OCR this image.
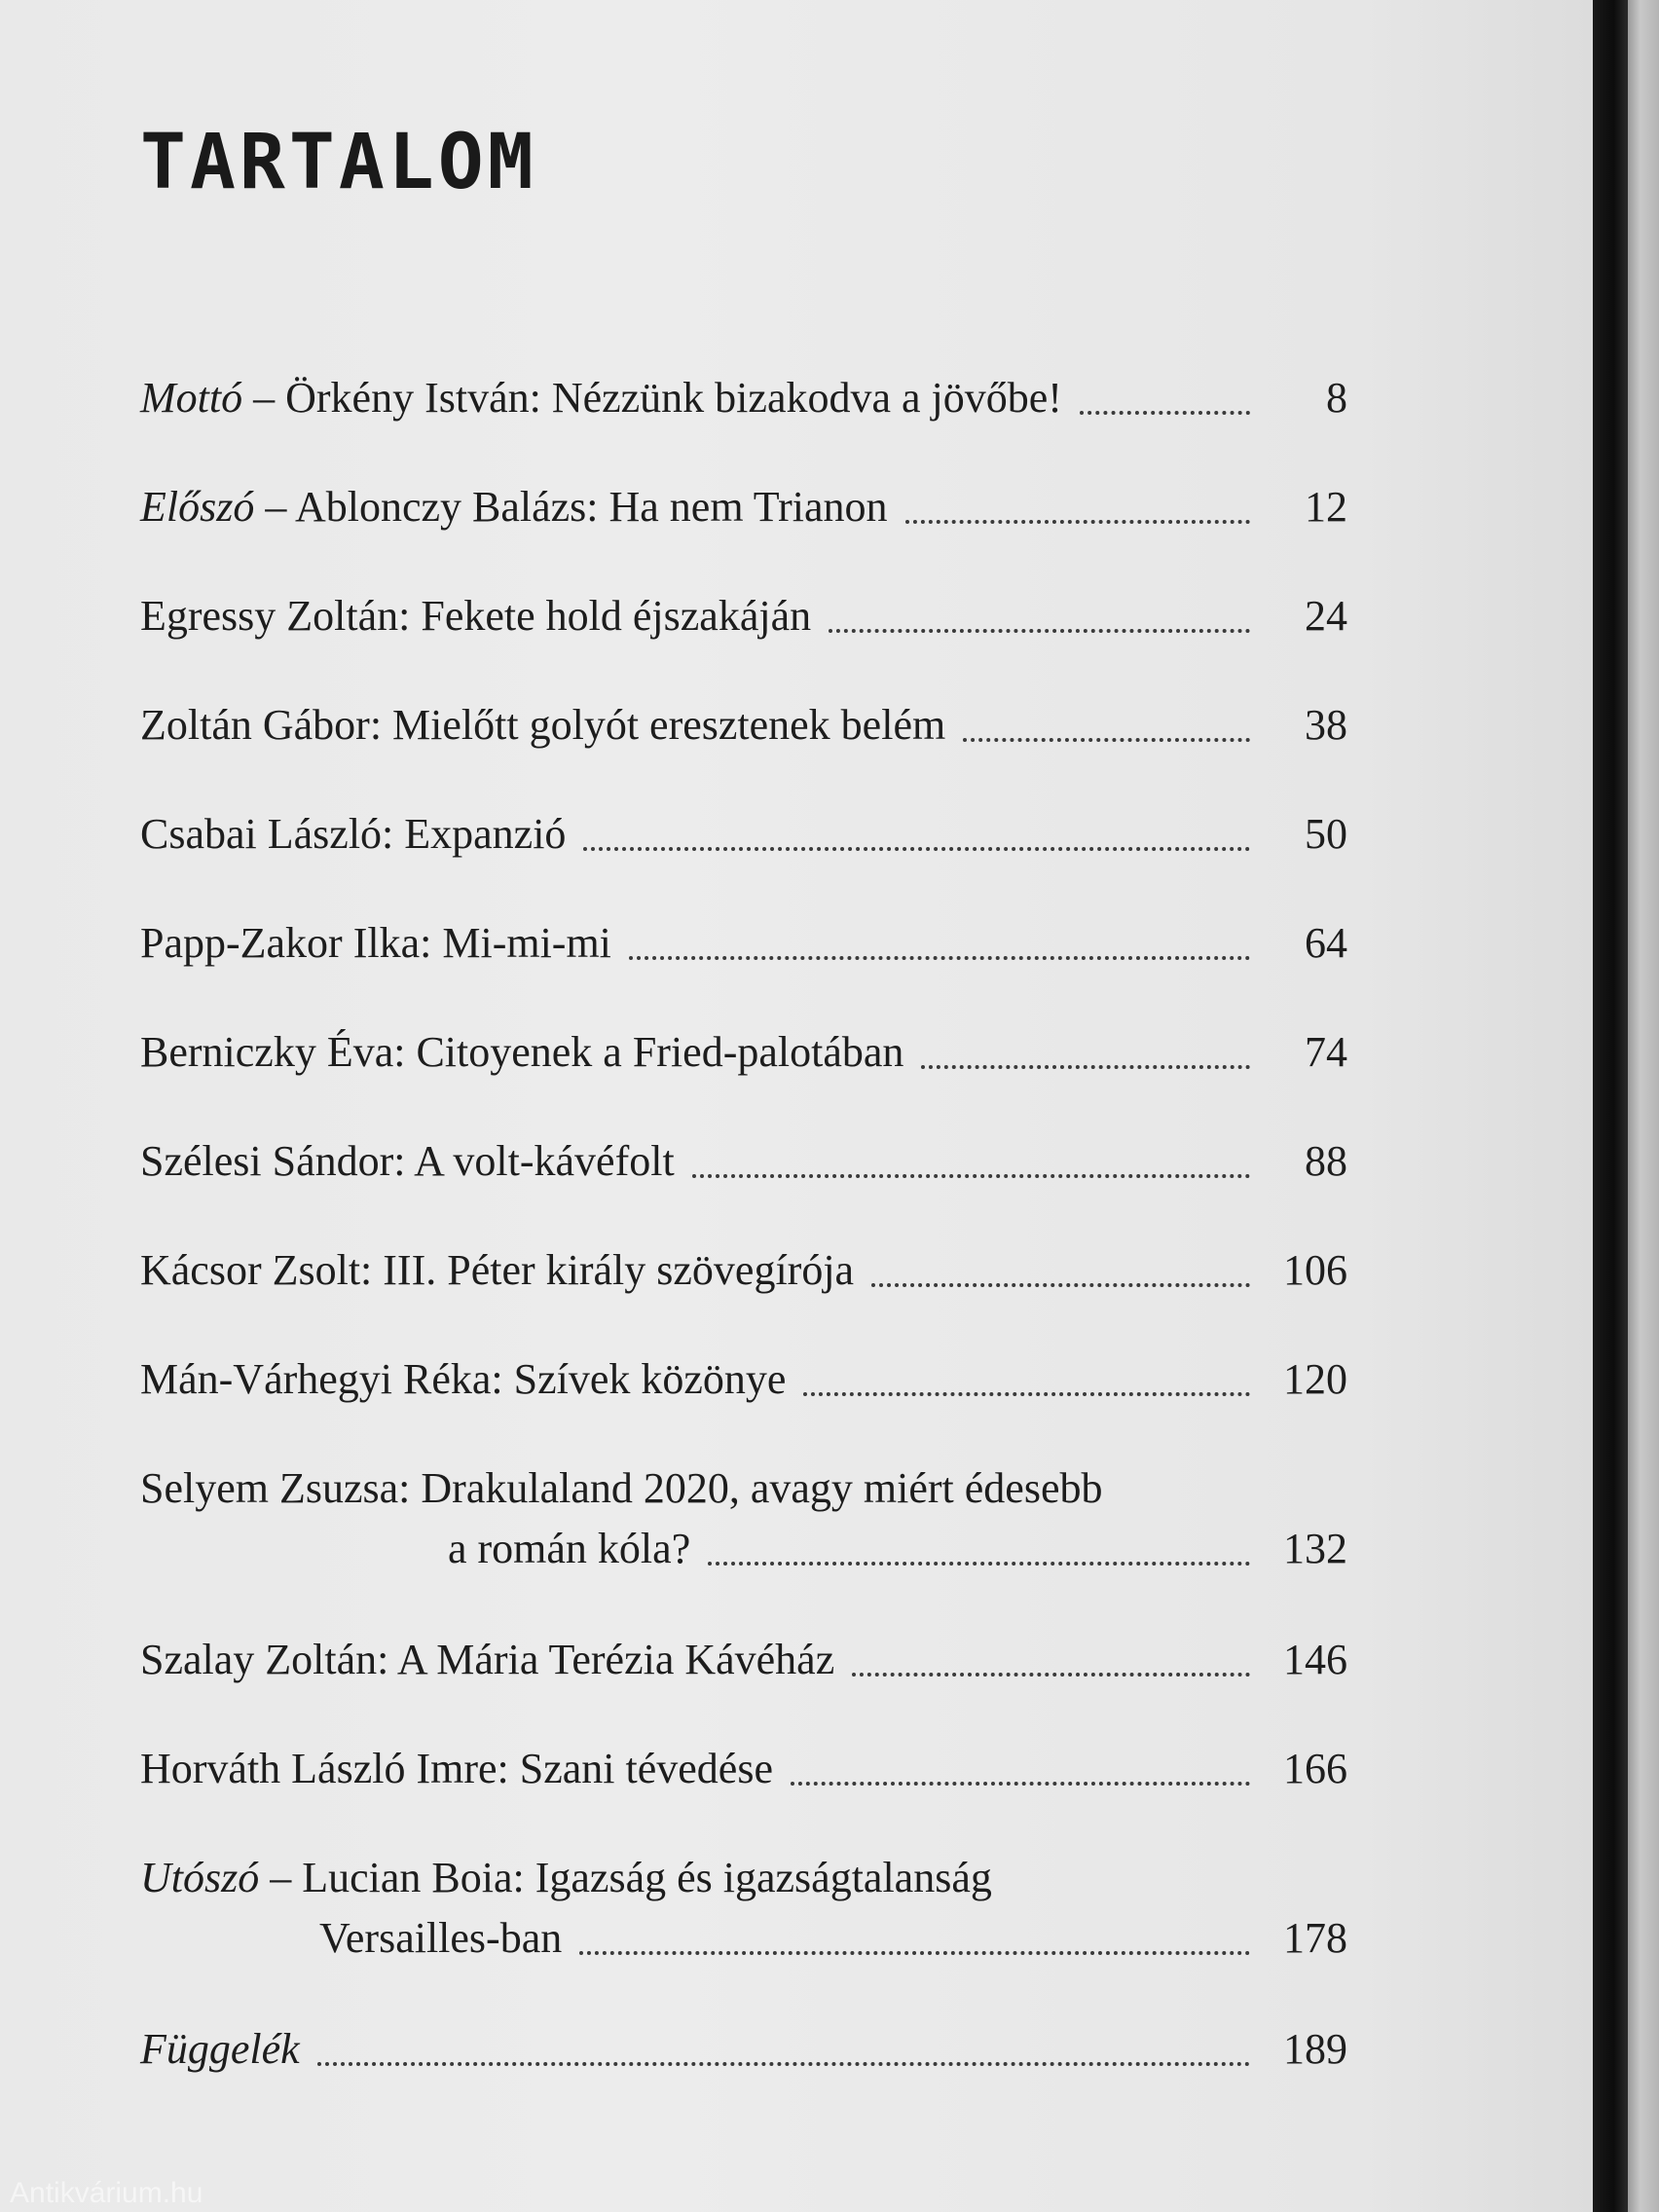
TARTALOM
Mottó – Örkény István: Nézzünk bizakodva a jövőbe!	8
Előszó – Ablonczy Balázs: Ha nem Trianon	12
Egressy Zoltán: Fekete hold éjszakáján	24
Zoltán Gábor: Mielőtt golyót eresztenek belém	38
Csabai László: Expanzió	50
Papp-Zakor Ilka: Mi-mi-mi	64
Berniczky Éva: Citoyenek a Fried-palotában	74
Szélesi Sándor: A volt-kávéfolt	88
Kácsor Zsolt: III. Péter király szövegírója	106
Mán-Várhegyi Réka: Szívek közönye	120
Selyem Zsuzsa: Drakulaland 2020, avagy miért édesebb
a román kóla?	132
Szalay Zoltán: A Mária Terézia Kávéház	146
Horváth László Imre: Szani tévedése	166
Utószó – Lucian Boia: Igazság és igazságtalanság
Versailles-ban	178
Függelék	189
Antikvárium.hu
